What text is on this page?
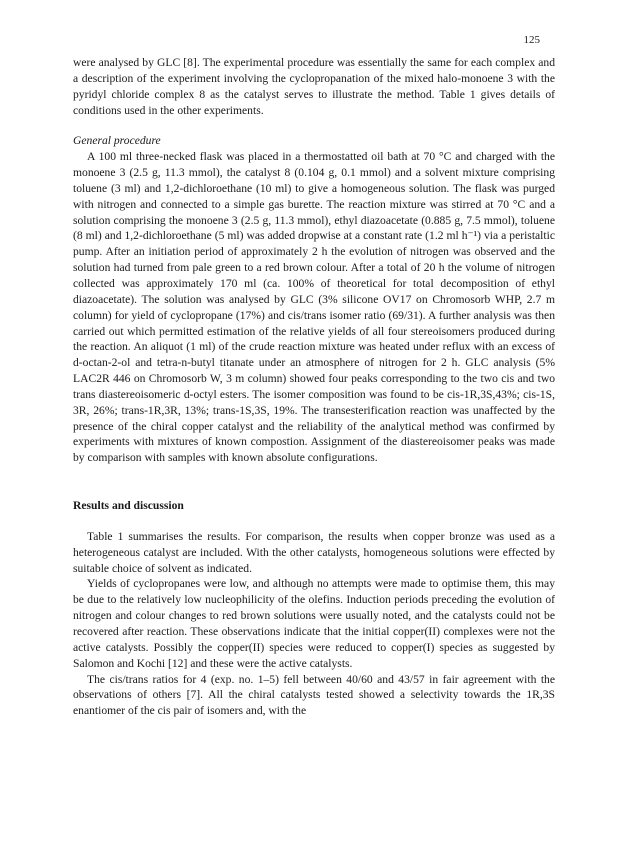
125

were analysed by GLC [8]. The experimental procedure was essentially the same for each complex and a description of the experiment involving the cyclopropanation of the mixed halo-monoene 3 with the pyridyl chloride complex 8 as the catalyst serves to illustrate the method. Table 1 gives details of conditions used in the other experiments.

General procedure

A 100 ml three-necked flask was placed in a thermostatted oil bath at 70 °C and charged with the monoene 3 (2.5 g, 11.3 mmol), the catalyst 8 (0.104 g, 0.1 mmol) and a solvent mixture comprising toluene (3 ml) and 1,2-dichloroethane (10 ml) to give a homogeneous solution. The flask was purged with nitrogen and connected to a simple gas burette. The reaction mixture was stirred at 70 °C and a solution comprising the monoene 3 (2.5 g, 11.3 mmol), ethyl diazoacetate (0.885 g, 7.5 mmol), toluene (8 ml) and 1,2-dichloroethane (5 ml) was added dropwise at a constant rate (1.2 ml h⁻¹) via a peristaltic pump. After an initiation period of approximately 2 h the evolution of nitrogen was observed and the solution had turned from pale green to a red brown colour. After a total of 20 h the volume of nitrogen collected was approximately 170 ml (ca. 100% of theoretical for total decomposition of ethyl diazoacetate). The solution was analysed by GLC (3% silicone OV17 on Chromosorb WHP, 2.7 m column) for yield of cyclopropane (17%) and cis/trans isomer ratio (69/31). A further analysis was then carried out which permitted estimation of the relative yields of all four stereoisomers produced during the reaction. An aliquot (1 ml) of the crude reaction mixture was heated under reflux with an excess of d-octan-2-ol and tetra-n-butyl titanate under an atmosphere of nitrogen for 2 h. GLC analysis (5% LAC2R 446 on Chromosorb W, 3 m column) showed four peaks corresponding to the two cis and two trans diastereoisomeric d-octyl esters. The isomer composition was found to be cis-1R,3S,43%; cis-1S, 3R, 26%; trans-1R,3R, 13%; trans-1S,3S, 19%. The transesterification reaction was unaffected by the presence of the chiral copper catalyst and the reliability of the analytical method was confirmed by experiments with mixtures of known compostion. Assignment of the diastereoisomer peaks was made by comparison with samples with known absolute configurations.

Results and discussion

Table 1 summarises the results. For comparison, the results when copper bronze was used as a heterogeneous catalyst are included. With the other catalysts, homogeneous solutions were effected by suitable choice of solvent as indicated.

Yields of cyclopropanes were low, and although no attempts were made to optimise them, this may be due to the relatively low nucleophilicity of the olefins. Induction periods preceding the evolution of nitrogen and colour changes to red brown solutions were usually noted, and the catalysts could not be recovered after reaction. These observations indicate that the initial copper(II) complexes were not the active catalysts. Possibly the copper(II) species were reduced to copper(I) species as suggested by Salomon and Kochi [12] and these were the active catalysts.

The cis/trans ratios for 4 (exp. no. 1–5) fell between 40/60 and 43/57 in fair agreement with the observations of others [7]. All the chiral catalysts tested showed a selectivity towards the 1R,3S enantiomer of the cis pair of isomers and, with the
